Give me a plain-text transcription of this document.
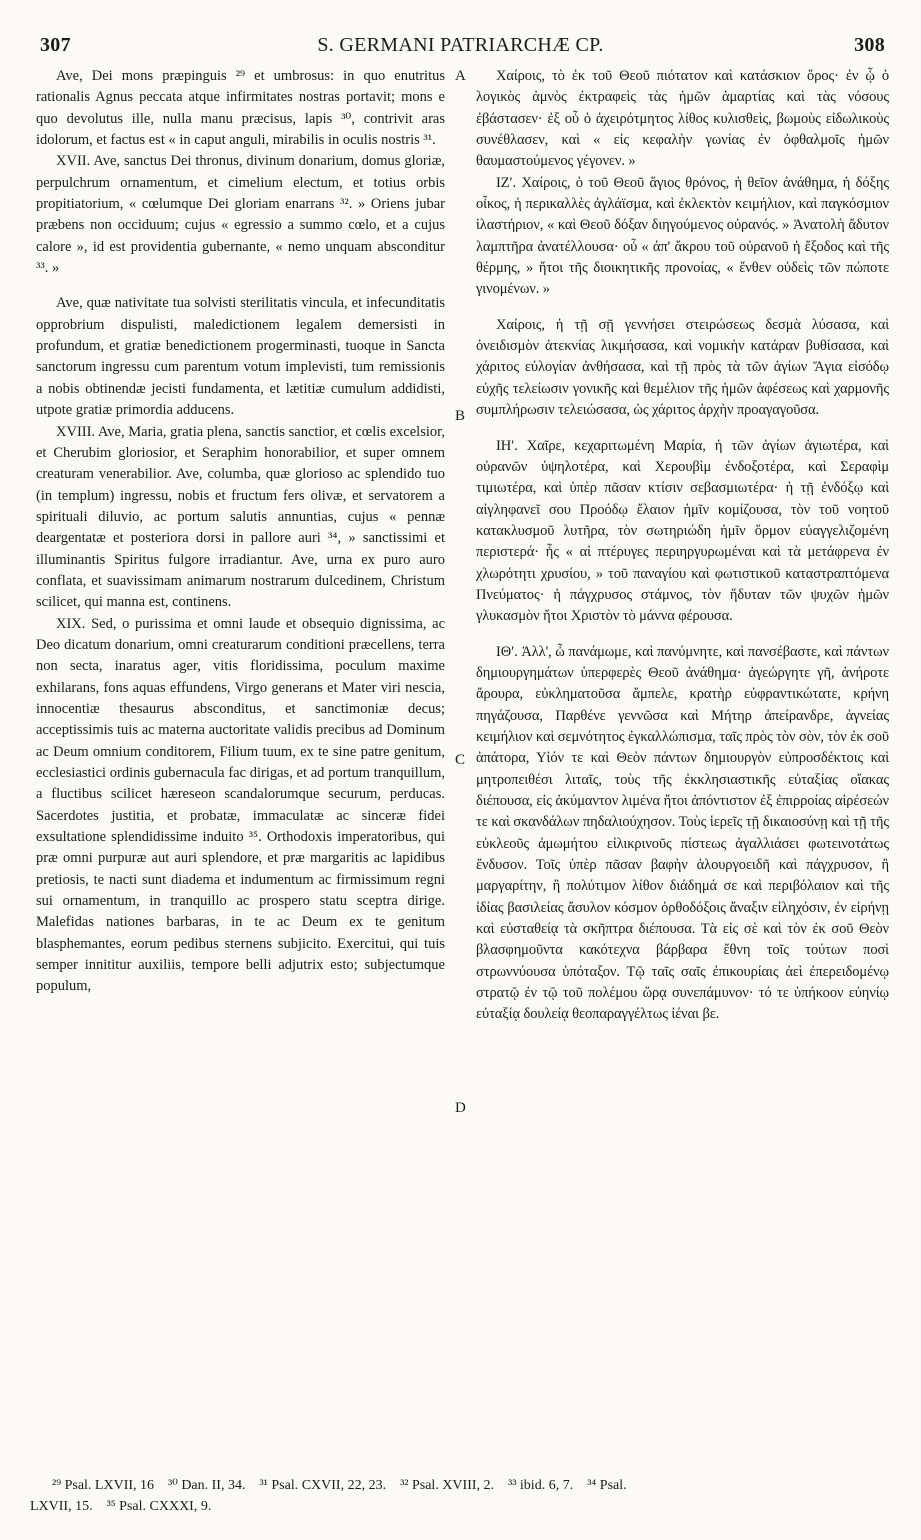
307	S. GERMANI PATRIARCHÆ CP.	308

Ave, Dei mons præpinguis ²⁹ et umbrosus: in quo enutritus rationalis Agnus peccata atque infirmitates nostras portavit; mons e quo devolutus ille, nulla manu præcisus, lapis ³⁰, contrivit aras idolorum, et factus est « in caput anguli, mirabilis in oculis nostris ³¹.

XVII. Ave, sanctus Dei thronus, divinum donarium, domus gloriæ, perpulchrum ornamentum, et cimelium electum, et totius orbis propitiatorium, « cœlumque Dei gloriam enarrans ³². » Oriens jubar præbens non occiduum; cujus « egressio a summo cœlo, et a cujus calore », id est providentia gubernante, « nemo unquam absconditur ³³. »

Ave, quæ nativitate tua solvisti sterilitatis vincula, et infecunditatis opprobrium dispulisti, maledictionem legalem demersisti in profundum, et gratiæ benedictionem progerminasti, tuoque in Sancta sanctorum ingressu cum parentum votum implevisti, tum remissionis a nobis obtinendæ jecisti fundamenta, et lætitiæ cumulum addidisti, utpote gratiæ primordia adducens.

XVIII. Ave, Maria, gratia plena, sanctis sanctior, et cœlis excelsior, et Cherubim gloriosior, et Seraphim honorabilior, et super omnem creaturam venerabilior. Ave, columba, quæ glorioso ac splendido tuo (in templum) ingressu, nobis et fructum fers olivæ, et servatorem a spirituali diluvio, ac portum salutis annuntias, cujus « pennæ deargentatæ et posteriora dorsi in pallore auri ³⁴, » sanctissimi et illuminantis Spiritus fulgore irradiantur. Ave, urna ex puro auro conflata, et suavissimam animarum nostrarum dulcedinem, Christum scilicet, qui manna est, continens.

XIX. Sed, o purissima et omni laude et obsequio dignissima, ac Deo dicatum donarium, omni creaturarum conditioni præcellens, terra non secta, inaratus ager, vitis floridissima, poculum maxime exhilarans, fons aquas effundens, Virgo generans et Mater viri nescia, innocentiæ thesaurus absconditus, et sanctimoniæ decus; acceptissimis tuis ac materna auctoritate validis precibus ad Dominum ac Deum omnium conditorem, Filium tuum, ex te sine patre genitum, ecclesiastici ordinis gubernacula fac dirigas, et ad portum tranquillum, a fluctibus scilicet hæreseon scandalorumque securum, perducas. Sacerdotes justitia, et probatæ, immaculatæ ac sinceræ fidei exsultatione splendidissime induito ³⁵. Orthodoxis imperatoribus, qui præ omni purpuræ aut auri splendore, et præ margaritis ac lapidibus pretiosis, te nacti sunt diadema et indumentum ac firmissimum regni sui ornamentum, in tranquillo ac prospero statu sceptra dirige. Malefidas nationes barbaras, in te ac Deum ex te genitum blasphemantes, eorum pedibus sternens subjicito. Exercitui, qui tuis semper innititur auxiliis, tempore belli adjutrix esto; subjectumque populum,

Χαίροις, τὸ ἐκ τοῦ Θεοῦ πιότατον καὶ κατάσκιον ὄρος· ἐν ᾧ ὁ λογικὸς ἀμνὸς ἐκτραφεὶς τὰς ἡμῶν ἁμαρτίας καὶ τὰς νόσους ἐβάστασεν· ἐξ οὗ ὁ ἀχειρότμητος λίθος κυλισθεὶς, βωμοὺς εἰδωλικοὺς συνέθλασεν, καὶ « εἰς κεφαλὴν γωνίας ἐν ὀφθαλμοῖς ἡμῶν θαυμαστούμενος γέγονεν. »

ΙΖʹ. Χαίροις, ὁ τοῦ Θεοῦ ἅγιος θρόνος, ἡ θεῖον ἀνάθημα, ἡ δόξης οἶκος, ἡ περικαλλὲς ἀγλάϊσμα, καὶ ἐκλεκτὸν κειμήλιον, καὶ παγκόσμιον ἱλαστήριον, « καὶ Θεοῦ δόξαν διηγούμενος οὐρανός. » Ἀνατολὴ ἄδυτον λαμπτῆρα ἀνατέλλουσα· οὗ « ἀπ' ἄκρου τοῦ οὐρανοῦ ἡ ἔξοδος καὶ τῆς θέρμης, » ἤτοι τῆς διοικητικῆς προνοίας, « ἔνθεν οὐδεὶς τῶν πώποτε γινομένων. »

Χαίροις, ἡ τῇ σῇ γεννήσει στειρώσεως δεσμὰ λύσασα, καὶ ὀνειδισμὸν ἀτεκνίας λικμήσασα, καὶ νομικὴν κατάραν βυθίσασα, καὶ χάριτος εὐλογίαν ἀνθήσασα, καὶ τῇ πρὸς τὰ τῶν ἁγίων Ἅγια εἰσόδῳ εὐχῆς τελείωσιν γονικῆς καὶ θεμέλιον τῆς ἡμῶν ἀφέσεως καὶ χαρμονῆς συμπλήρωσιν τελειώσασα, ὡς χάριτος ἀρχὴν προαγαγοῦσα.

ΙΗʹ. Χαῖρε, κεχαριτωμένη Μαρία, ἡ τῶν ἁγίων ἁγιωτέρα, καὶ οὐρανῶν ὑψηλοτέρα, καὶ Χερουβὶμ ἐνδοξοτέρα, καὶ Σεραφὶμ τιμιωτέρα, καὶ ὑπὲρ πᾶσαν κτίσιν σεβασμιωτέρα· ἡ τῇ ἐνδόξῳ καὶ αἰγληφανεῖ σου Προόδῳ ἔλαιον ἡμῖν κομίζουσα, τὸν τοῦ νοητοῦ κατακλυσμοῦ λυτῆρα, τὸν σωτηριώδη ἡμῖν ὅρμον εὐαγγελιζομένη περιστερά· ἧς « αἱ πτέρυγες περιηργυρωμέναι καὶ τὰ μετάφρενα ἐν χλωρότητι χρυσίου, » τοῦ παναγίου καὶ φωτιστικοῦ καταστραπτόμενα Πνεύματος· ἡ πάγχρυσος στάμνος, τὸν ἥδυταν τῶν ψυχῶν ἡμῶν γλυκασμὸν ἤτοι Χριστὸν τὸ μάννα φέρουσα.

ΙΘʹ. Ἀλλ', ὦ πανάμωμε, καὶ πανύμνητε, καὶ πανσέβαστε, καὶ πάντων δημιουργημάτων ὑπερφερὲς Θεοῦ ἀνάθημα· ἀγεώργητε γῆ, ἀνήροτε ἄρουρα, εὐκληματοῦσα ἄμπελε, κρατὴρ εὐφραντικώτατε, κρήνη πηγάζουσα, Παρθένε γεννῶσα καὶ Μήτηρ ἀπείρανδρε, ἁγνείας κειμήλιον καὶ σεμνότητος ἐγκαλλώπισμα, ταῖς πρὸς τὸν σὸν, τὸν ἐκ σοῦ ἀπάτορα, Υἱόν τε καὶ Θεὸν πάντων δημιουργὸν εὐπροσδέκτοις καὶ μητροπειθέσι λιταῖς, τοὺς τῆς ἐκκλησιαστικῆς εὐταξίας οἴακας διέπουσα, εἰς ἀκύμαντον λιμένα ἤτοι ἀπόντιστον ἐξ ἐπιρροίας αἱρέσεών τε καὶ σκανδάλων πηδαλιούχησον. Τοὺς ἱερεῖς τῇ δικαιοσύνῃ καὶ τῇ τῆς εὐκλεοῦς ἀμωμήτου εἰλικρινοῦς πίστεως ἀγαλλιάσει φωτεινοτάτως ἔνδυσον. Τοῖς ὑπὲρ πᾶσαν βαφὴν ἁλουργοειδῆ καὶ πάγχρυσον, ἢ μαργαρίτην, ἢ πολύτιμον λίθον διάδημά σε καὶ περιβόλαιον καὶ τῆς ἰδίας βασιλείας ἄσυλον κόσμον ὀρθοδόξοις ἄναξιν εἰληχόσιν, ἐν εἰρήνῃ καὶ εὐσταθείᾳ τὰ σκῆπτρα διέπουσα. Τὰ εἰς σὲ καὶ τὸν ἐκ σοῦ Θεὸν βλασφημοῦντα κακότεχνα βάρβαρα ἔθνη τοῖς τούτων ποσὶ στρωννύουσα ὑπόταξον. Τῷ ταῖς σαῖς ἐπικουρίαις ἀεὶ ἐπερειδομένῳ στρατῷ ἐν τῷ τοῦ πολέμου ὥρᾳ συνεπάμυνον· τό τε ὑπήκοον εὐηνίῳ εὐταξίᾳ δουλείᾳ θεοπαραγγέλτως ἰέναι βε.

A
B
C
D
²⁹ Psal. LXVII, 16    ³⁰ Dan. II, 34.    ³¹ Psal. CXVII, 22, 23.    ³² Psal. XVIII, 2.    ³³ ibid. 6, 7.    ³⁴ Psal.
LXVII, 15.    ³⁵ Psal. CXXXI, 9.
